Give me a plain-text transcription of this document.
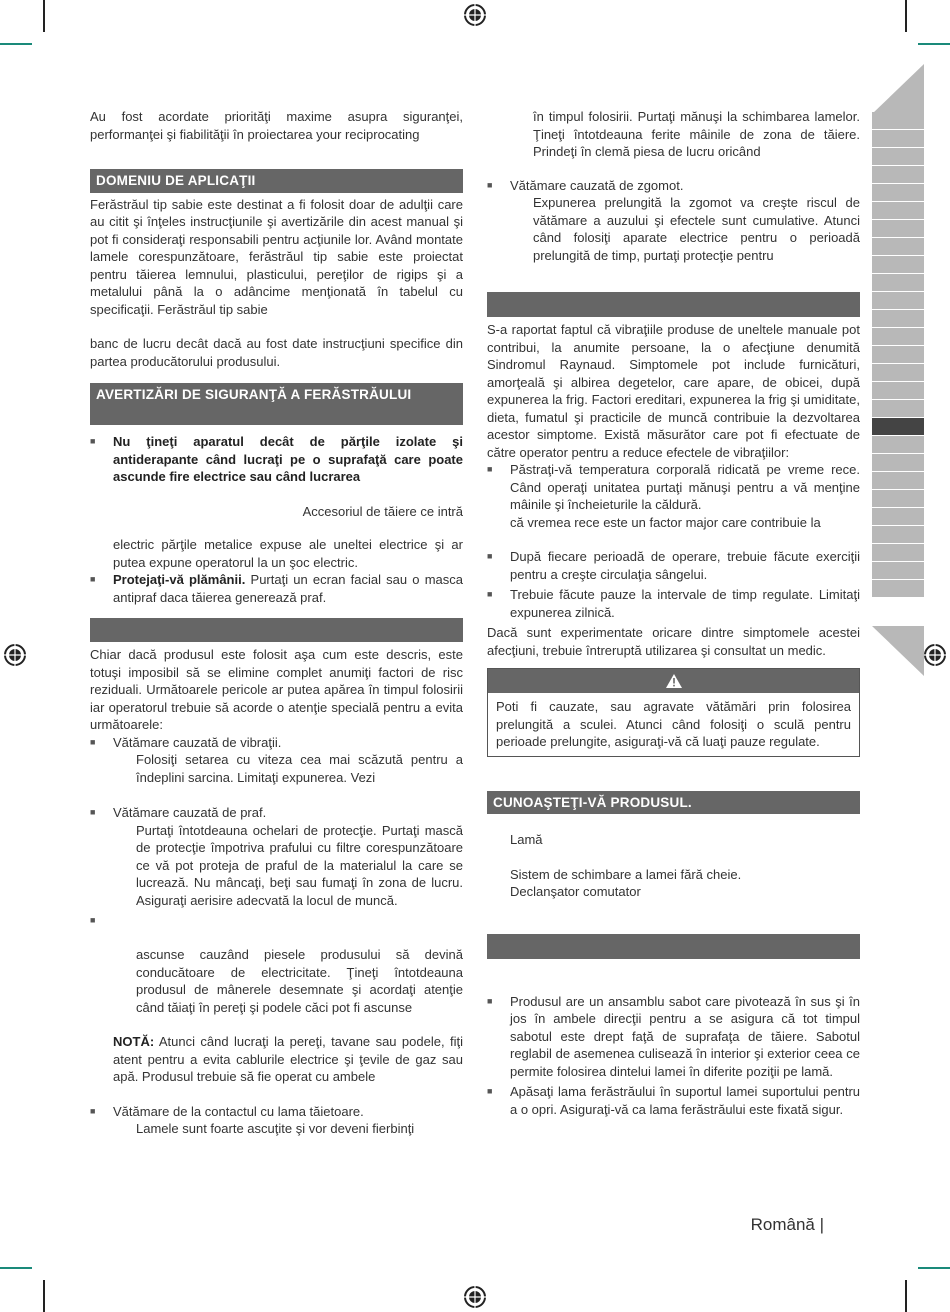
Au fost acordate priorităţi maxime asupra siguranţei, performanţei şi fiabilităţii în proiectarea your reciprocating
DOMENIU DE APLICAŢII
Ferăstrăul tip sabie este destinat a fi folosit doar de adulţii care au citit şi înţeles instrucţiunile şi avertizările din acest manual şi pot fi consideraţi responsabili pentru acţiunile lor. Având montate lamele corespunzătoare, ferăstrăul tip sabie este proiectat pentru tăierea lemnului, plasticului, pereţilor de rigips şi a metalului până la o adâncime menţionată în tabelul cu specificaţii. Ferăstrăul tip sabie
banc de lucru decât dacă au fost date instrucţiuni specifice din partea producătorului produsului.
AVERTIZĂRI DE SIGURANŢĂ A FERĂSTRĂULUI
■ Nu ţineţi aparatul decât de părţile izolate şi antiderapante când lucraţi pe o suprafaţă care poate ascunde fire electrice sau când lucrarea
Accesoriul de tăiere ce intră
electric părţile metalice expuse ale uneltei electrice şi ar putea expune operatorul la un şoc electric.
■ Protejaţi-vă plămânii. Purtaţi un ecran facial sau o masca antipraf daca tăierea generează praf.
Chiar dacă produsul este folosit aşa cum este descris, este totuşi imposibil să se elimine complet anumiţi factori de risc reziduali. Următoarele pericole ar putea apărea în timpul folosirii iar operatorul trebuie să acorde o atenţie specială pentru a evita următoarele:
■ Vătămare cauzată de vibraţii.
Folosiţi setarea cu viteza cea mai scăzută pentru a îndeplini sarcina. Limitaţi expunerea. Vezi
■ Vătămare cauzată de praf.
Purtaţi întotdeauna ochelari de protecţie. Purtaţi mască de protecţie împotriva prafului cu filtre corespunzătoare ce vă pot proteja de praful de la materialul la care se lucrează. Nu mâncaţi, beţi sau fumaţi în zona de lucru. Asiguraţi aerisire adecvată la locul de muncă.
■
ascunse cauzând piesele produsului să devină conducătoare de electricitate. Ţineţi întotdeauna produsul de mânerele desemnate şi acordaţi atenţie când tăiaţi în pereţi şi podele căci pot fi ascunse
NOTĂ: Atunci când lucraţi la pereţi, tavane sau podele, fiţi atent pentru a evita cablurile electrice şi ţevile de gaz sau apă. Produsul trebuie să fie operat cu ambele
■ Vătămare de la contactul cu lama tăietoare.
Lamele sunt foarte ascuţite şi vor deveni fierbinţi
în timpul folosirii. Purtaţi mănuşi la schimbarea lamelor. Ţineţi întotdeauna ferite mâinile de zona de tăiere. Prindeţi în clemă piesa de lucru oricând
■ Vătămare cauzată de zgomot.
Expunerea prelungită la zgomot va creşte riscul de vătămare a auzului şi efectele sunt cumulative. Atunci când folosiţi aparate electrice pentru o perioadă prelungită de timp, purtaţi protecţie pentru
S-a raportat faptul că vibraţiile produse de uneltele manuale pot contribui, la anumite persoane, la o afecţiune denumită Sindromul Raynaud. Simptomele pot include furnicături, amorţeală şi albirea degetelor, care apare, de obicei, după expunerea la frig. Factori ereditari, expunerea la frig şi umiditate, dieta, fumatul şi practicile de muncă contribuie la dezvoltarea acestor simptome. Există măsurător care pot fi efectuate de către operator pentru a reduce efectele de vibraţiilor:
■ Păstraţi-vă temperatura corporală ridicată pe vreme rece. Când operaţi unitatea purtaţi mănuşi pentru a vă menţine mâinile şi încheieturile la căldură.
că vremea rece este un factor major care contribuie la
■ După fiecare perioadă de operare, trebuie făcute exerciţii pentru a creşte circulaţia sângelui.
■ Trebuie făcute pauze la intervale de timp regulate. Limitaţi expunerea zilnică.
Dacă sunt experimentate oricare dintre simptomele acestei afecţiuni, trebuie întreruptă utilizarea şi consultat un medic.
Poti fi cauzate, sau agravate vătămări prin folosirea prelungită a sculei. Atunci când folosiţi o sculă pentru perioade prelungite, asiguraţi-vă că luaţi pauze regulate.
CUNOAŞTEŢI-VĂ PRODUSUL.
Lamă
Sistem de schimbare a lamei fără cheie.
Declanşator comutator
■ Produsul are un ansamblu sabot care pivotează în sus şi în jos în ambele direcţii pentru a se asigura că tot timpul sabotul este drept faţă de suprafaţa de tăiere. Sabotul reglabil de asemenea culisează în interior şi exterior ceea ce permite folosirea dintelui lamei în diferite poziţii pe lamă.
■ Apăsaţi lama ferăstrăului în suportul lamei suportului pentru a o opri. Asiguraţi-vă ca lama ferăstrăului este fixată sigur.
Română |
